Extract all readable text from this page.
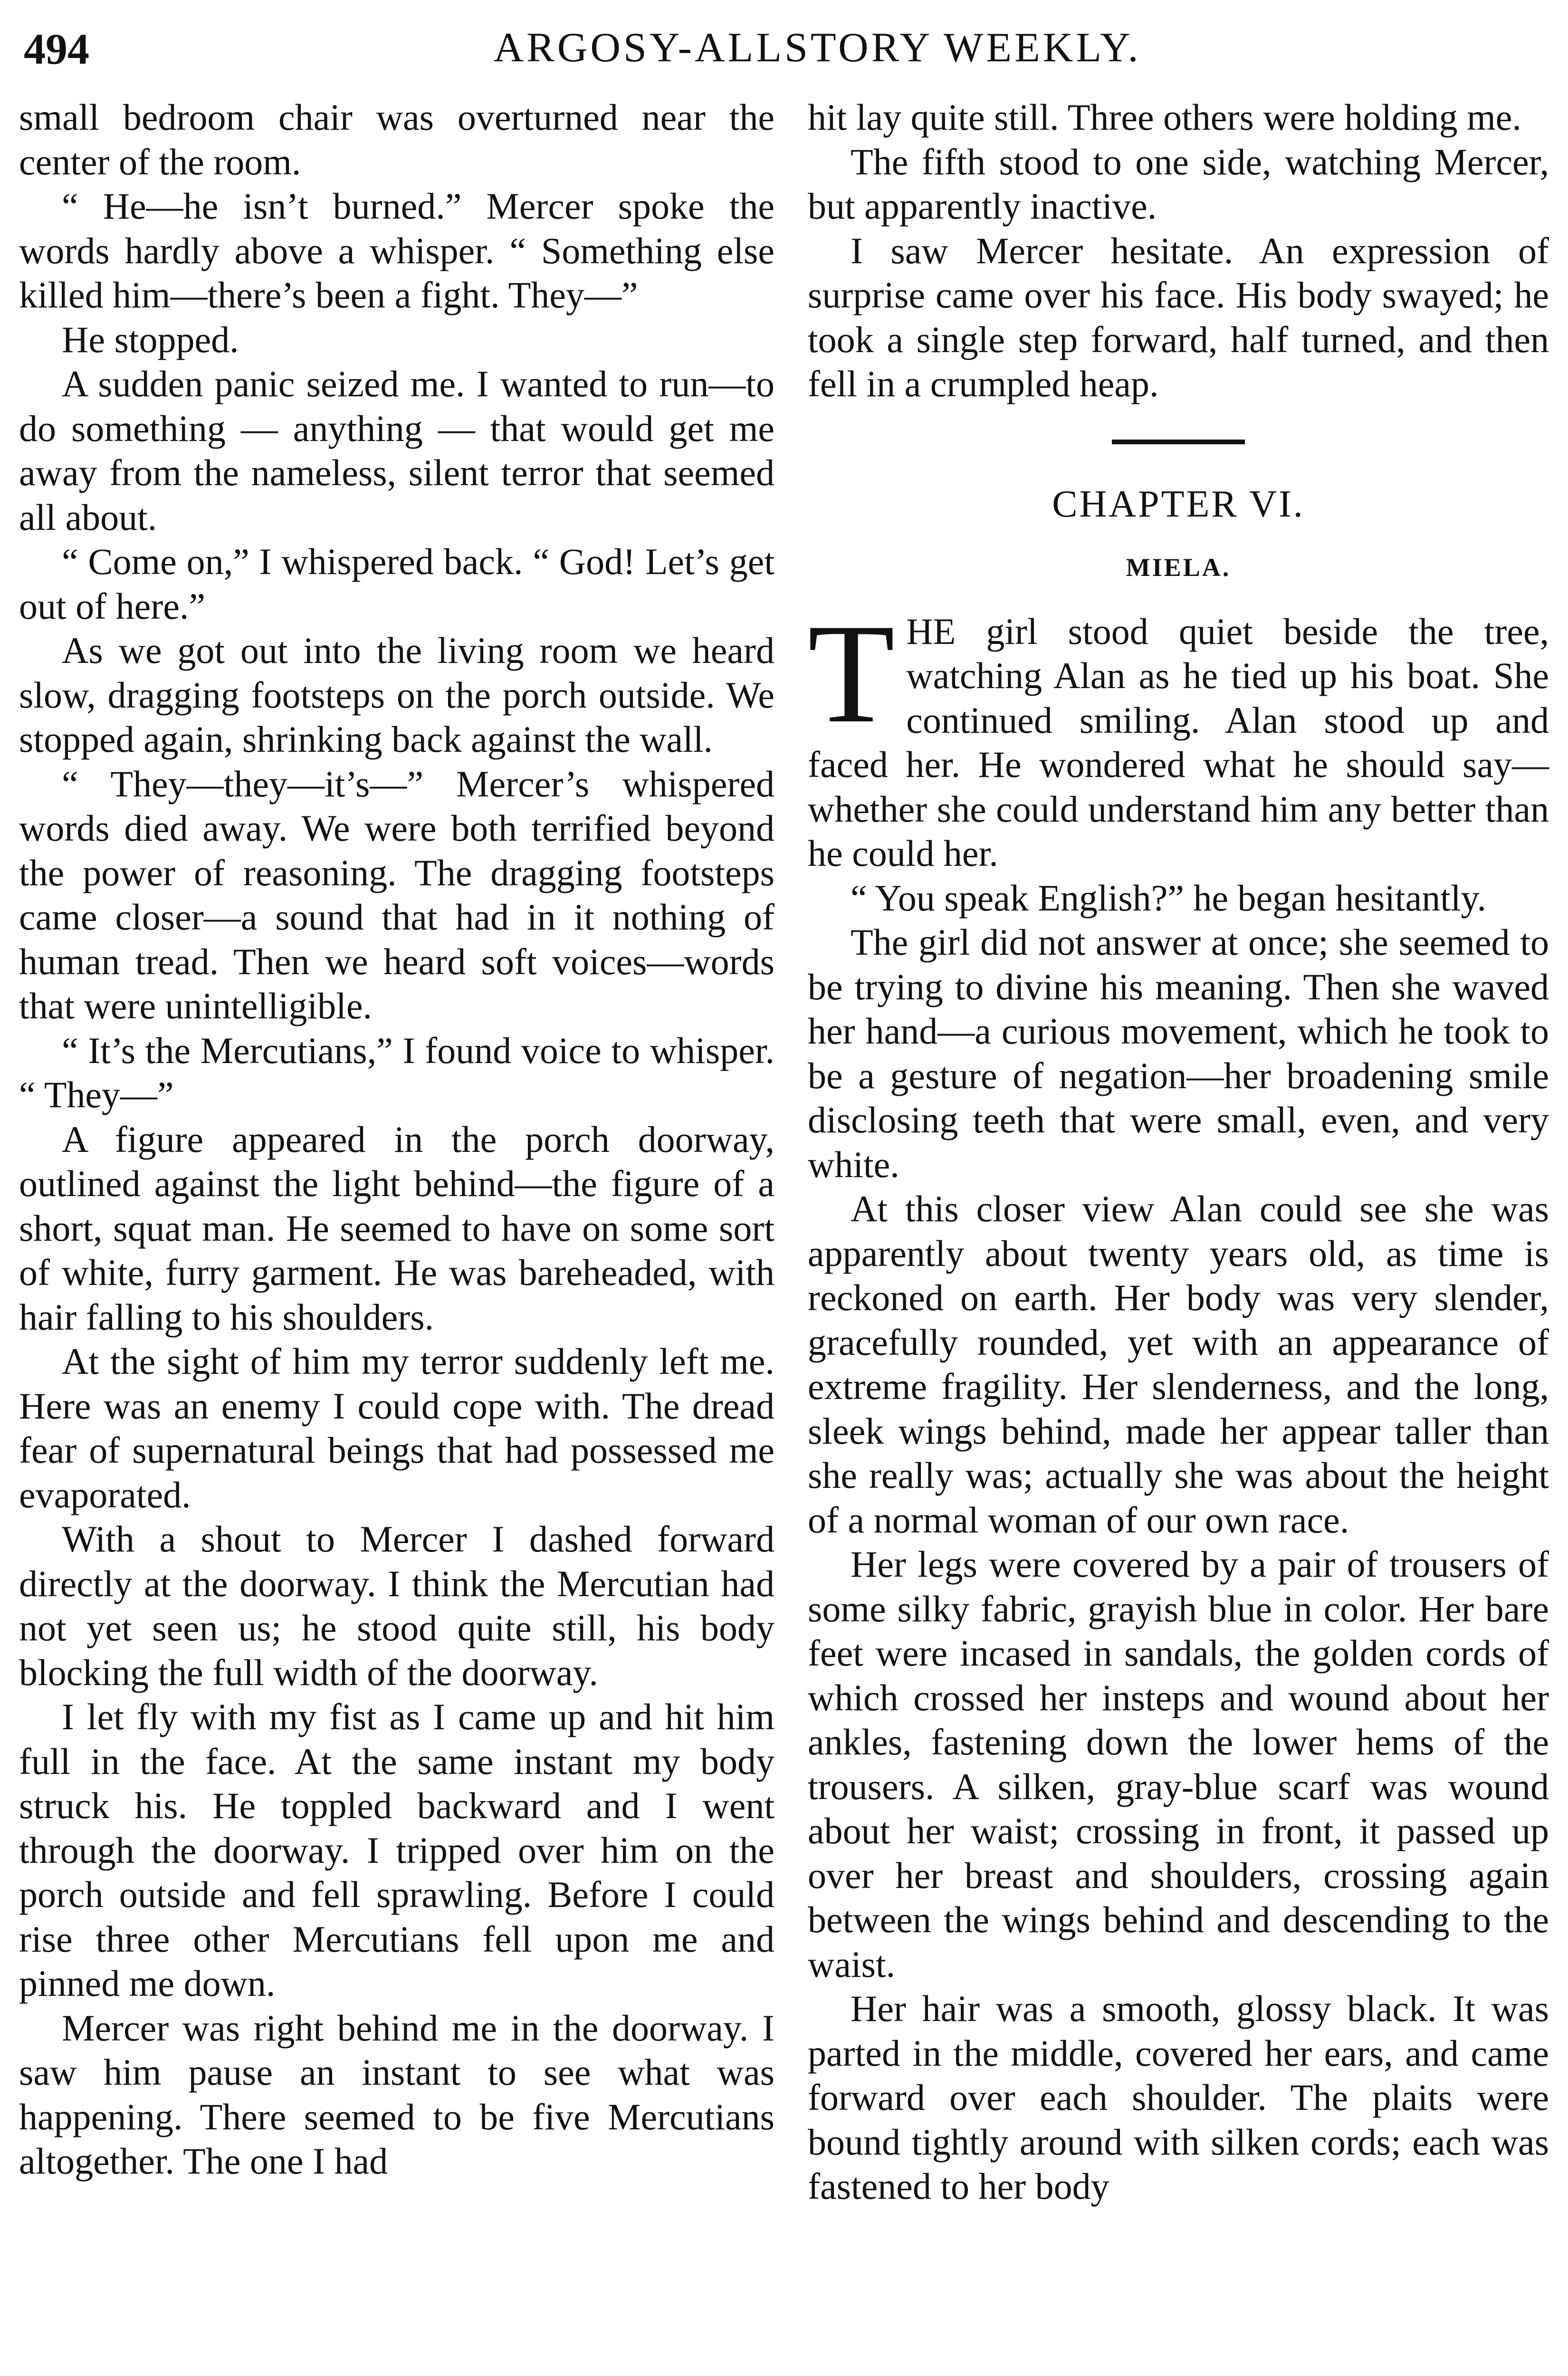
494	ARGOSY-ALLSTORY WEEKLY.

small bedroom chair was overturned near the center of the room.

“ He—he isn’t burned.” Mercer spoke the words hardly above a whisper. “ Something else killed him—there’s been a fight. They—”

He stopped.

A sudden panic seized me. I wanted to run—to do something — anything — that would get me away from the nameless, silent terror that seemed all about.

“ Come on,” I whispered back. “ God! Let’s get out of here.”

As we got out into the living room we heard slow, dragging footsteps on the porch outside. We stopped again, shrinking back against the wall.

“ They—they—it’s—” Mercer’s whispered words died away. We were both terrified beyond the power of reasoning. The dragging footsteps came closer—a sound that had in it nothing of human tread. Then we heard soft voices—words that were unintelligible.

“ It’s the Mercutians,” I found voice to whisper. “ They—”

A figure appeared in the porch doorway, outlined against the light behind—the figure of a short, squat man. He seemed to have on some sort of white, furry garment. He was bareheaded, with hair falling to his shoulders.

At the sight of him my terror suddenly left me. Here was an enemy I could cope with. The dread fear of supernatural beings that had possessed me evaporated.

With a shout to Mercer I dashed forward directly at the doorway. I think the Mercutian had not yet seen us; he stood quite still, his body blocking the full width of the doorway.

I let fly with my fist as I came up and hit him full in the face. At the same instant my body struck his. He toppled backward and I went through the doorway. I tripped over him on the porch outside and fell sprawling. Before I could rise three other Mercutians fell upon me and pinned me down.

Mercer was right behind me in the doorway. I saw him pause an instant to see what was happening. There seemed to be five Mercutians altogether. The one I had

hit lay quite still. Three others were holding me.

The fifth stood to one side, watching Mercer, but apparently inactive.

I saw Mercer hesitate. An expression of surprise came over his face. His body swayed; he took a single step forward, half turned, and then fell in a crumpled heap.

CHAPTER VI.
MIELA.

THE girl stood quiet beside the tree, watching Alan as he tied up his boat. She continued smiling. Alan stood up and faced her. He wondered what he should say—whether she could understand him any better than he could her.

“ You speak English?” he began hesitantly.

The girl did not answer at once; she seemed to be trying to divine his meaning. Then she waved her hand—a curious movement, which he took to be a gesture of negation—her broadening smile disclosing teeth that were small, even, and very white.

At this closer view Alan could see she was apparently about twenty years old, as time is reckoned on earth. Her body was very slender, gracefully rounded, yet with an appearance of extreme fragility. Her slenderness, and the long, sleek wings behind, made her appear taller than she really was; actually she was about the height of a normal woman of our own race.

Her legs were covered by a pair of trousers of some silky fabric, grayish blue in color. Her bare feet were incased in sandals, the golden cords of which crossed her insteps and wound about her ankles, fastening down the lower hems of the trousers. A silken, gray-blue scarf was wound about her waist; crossing in front, it passed up over her breast and shoulders, crossing again between the wings behind and descending to the waist.

Her hair was a smooth, glossy black. It was parted in the middle, covered her ears, and came forward over each shoulder. The plaits were bound tightly around with silken cords; each was fastened to her body
